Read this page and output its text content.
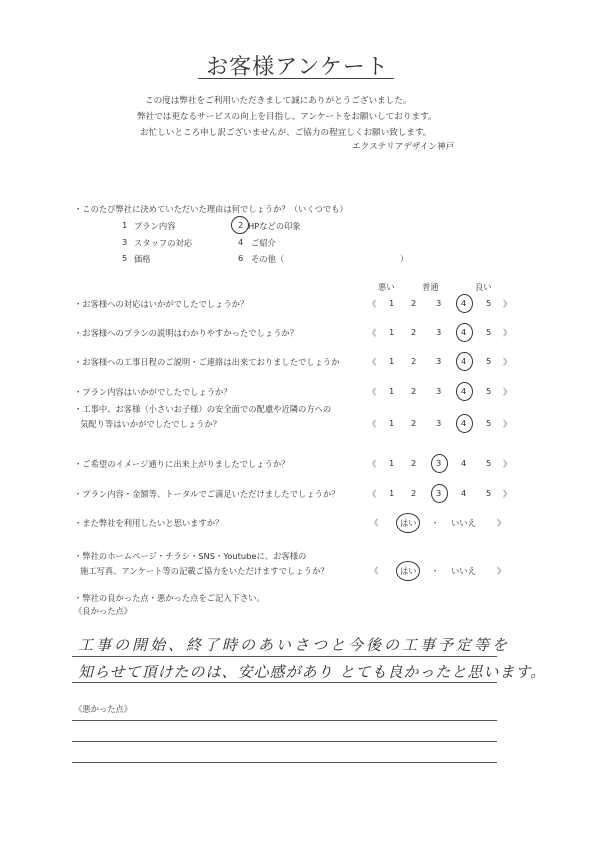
お客様アンケート
この度は弊社をご利用いただきまして誠にありがとうございました。
弊社では更なるサービスの向上を目指し、アンケートをお願いしております。
お忙しいところ申し訳ございませんが、ご協力の程宜しくお願い致します。
エクステリアデザイン神戸
・このたび弊社に決めていただいた理由は何でしょうか？（いくつでも）
1 プラン内容	2 HPなどの印象
3 スタッフの対応	4 ご紹介
5 価格	6 その他（	）
悪い	普通	良い
・お客様への対応はいかがでしたでしょうか？	《 1 2 3 4 5 》
・お客様へのプランの説明はわかりやすかったでしょうか？	《 1 2 3 4 5 》
・お客様への工事日程のご説明・ご連絡は出来ておりましたでしょうか	《 1 2 3 4 5 》
・プラン内容はいかがでしたでしょうか？	《 1 2 3 4 5 》
・工事中、お客様（小さいお子様）の安全面での配慮や近隣の方への
気配り等はいかがでしたでしょうか？	《 1 2 3 4 5 》
・ご希望のイメージ通りに出来上がりましたでしょうか？	《 1 2 3 4 5 》
・プラン内容・金額等、トータルでご満足いただけましたでしょうか？	《 1 2 3 4 5 》
・また弊社を利用したいと思いますか？	《	はい ・ いいえ	》
・弊社のホームページ・チラシ・SNS・Youtubeに、お客様の
施工写真、アンケート等の記載ご協力をいただけますでしょうか？	《	はい ・ いいえ	》
・弊社の良かった点・悪かった点をご記入下さい。
《良かった点》
工事の開始、終了時のあいさつと今後の工事予定等を
知らせて頂けたのは、安心感があり とても良かったと思います。
《悪かった点》
